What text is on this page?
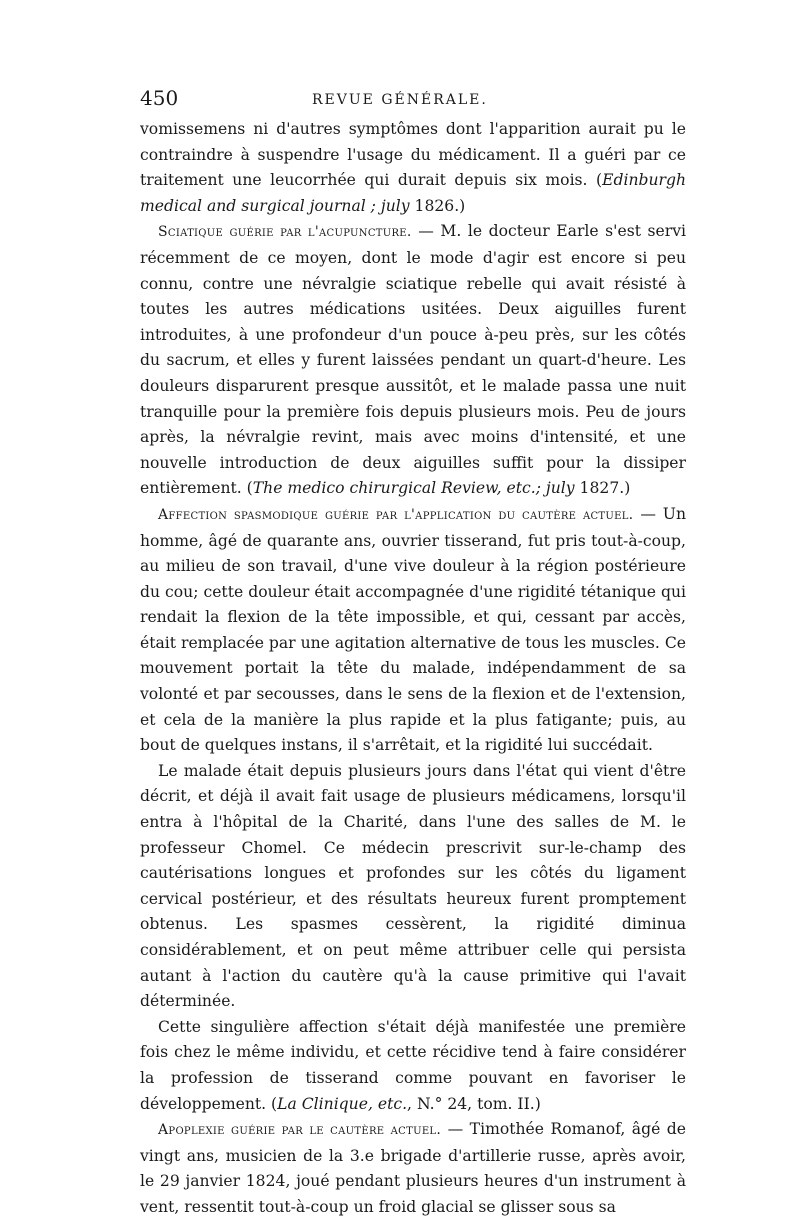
450	REVUE GÉNÉRALE.

vomissemens ni d'autres symptômes dont l'apparition aurait pu le contraindre à suspendre l'usage du médicament. Il a guéri par ce traitement une leucorrhée qui durait depuis six mois. (Edinburgh medical and surgical journal ; july 1826.)

Sciatique guérie par l'acupuncture. — M. le docteur Earle s'est servi récemment de ce moyen, dont le mode d'agir est encore si peu connu, contre une névralgie sciatique rebelle qui avait résisté à toutes les autres médications usitées. Deux aiguilles furent introduites, à une profondeur d'un pouce à-peu près, sur les côtés du sacrum, et elles y furent laissées pendant un quart-d'heure. Les douleurs disparurent presque aussitôt, et le malade passa une nuit tranquille pour la première fois depuis plusieurs mois. Peu de jours après, la névralgie revint, mais avec moins d'intensité, et une nouvelle introduction de deux aiguilles suffit pour la dissiper entièrement. (The medico chirurgical Review, etc.; july 1827.)

Affection spasmodique guérie par l'application du cautère actuel. — Un homme, âgé de quarante ans, ouvrier tisserand, fut pris tout-à-coup, au milieu de son travail, d'une vive douleur à la région postérieure du cou; cette douleur était accompagnée d'une rigidité tétanique qui rendait la flexion de la tête impossible, et qui, cessant par accès, était remplacée par une agitation alternative de tous les muscles. Ce mouvement portait la tête du malade, indépendamment de sa volonté et par secousses, dans le sens de la flexion et de l'extension, et cela de la manière la plus rapide et la plus fatigante; puis, au bout de quelques instans, il s'arrêtait, et la rigidité lui succédait.

Le malade était depuis plusieurs jours dans l'état qui vient d'être décrit, et déjà il avait fait usage de plusieurs médicamens, lorsqu'il entra à l'hôpital de la Charité, dans l'une des salles de M. le professeur Chomel. Ce médecin prescrivit sur-le-champ des cautérisations longues et profondes sur les côtés du ligament cervical postérieur, et des résultats heureux furent promptement obtenus. Les spasmes cessèrent, la rigidité diminua considérablement, et on peut même attribuer celle qui persista autant à l'action du cautère qu'à la cause primitive qui l'avait déterminée.

Cette singulière affection s'était déjà manifestée une première fois chez le même individu, et cette récidive tend à faire considérer la profession de tisserand comme pouvant en favoriser le développement. (La Clinique, etc., N.° 24, tom. II.)

Apoplexie guérie par le cautère actuel. — Timothée Romanof, âgé de vingt ans, musicien de la 3.e brigade d'artillerie russe, après avoir, le 29 janvier 1824, joué pendant plusieurs heures d'un instrument à vent, ressentit tout-à-coup un froid glacial se glisser sous sa
